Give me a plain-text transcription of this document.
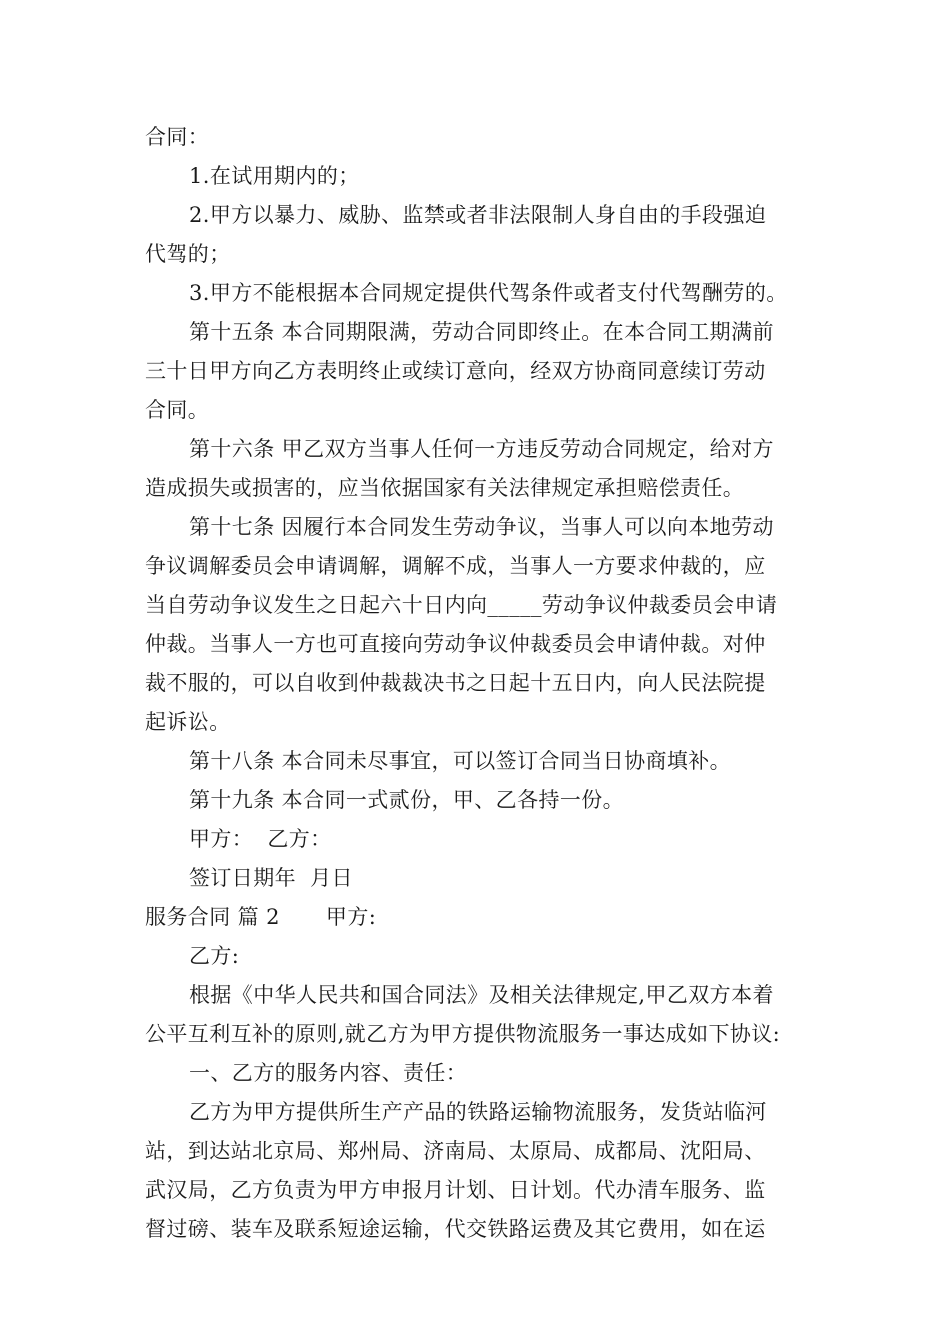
合同：
1.在试用期内的；
2.甲方以暴力、威胁、监禁或者非法限制人身自由的手段强迫
代驾的；
3.甲方不能根据本合同规定提供代驾条件或者支付代驾酬劳的。
第十五条 本合同期限满，劳动合同即终止。在本合同工期满前
三十日甲方向乙方表明终止或续订意向，经双方协商同意续订劳动
合同。
第十六条 甲乙双方当事人任何一方违反劳动合同规定，给对方
造成损失或损害的，应当依据国家有关法律规定承担赔偿责任。
第十七条 因履行本合同发生劳动争议，当事人可以向本地劳动
争议调解委员会申请调解，调解不成，当事人一方要求仲裁的，应
当自劳动争议发生之日起六十日内向_____劳动争议仲裁委员会申请
仲裁。当事人一方也可直接向劳动争议仲裁委员会申请仲裁。对仲
裁不服的，可以自收到仲裁裁决书之日起十五日内，向人民法院提
起诉讼。
第十八条 本合同未尽事宜，可以签订合同当日协商填补。
第十九条 本合同一式贰份，甲、乙各持一份。
甲方：  乙方：
签订日期年  月日
服务合同 篇 2 甲方:
乙方:
根据《中华人民共和国合同法》及相关法律规定,甲乙双方本着
公平互利互补的原则,就乙方为甲方提供物流服务一事达成如下协议:
一、乙方的服务内容、责任：
乙方为甲方提供所生产产品的铁路运输物流服务，发货站临河
站，到达站北京局、郑州局、济南局、太原局、成都局、沈阳局、
武汉局，乙方负责为甲方申报月计划、日计划。代办清车服务、监
督过磅、装车及联系短途运输，代交铁路运费及其它费用，如在运
